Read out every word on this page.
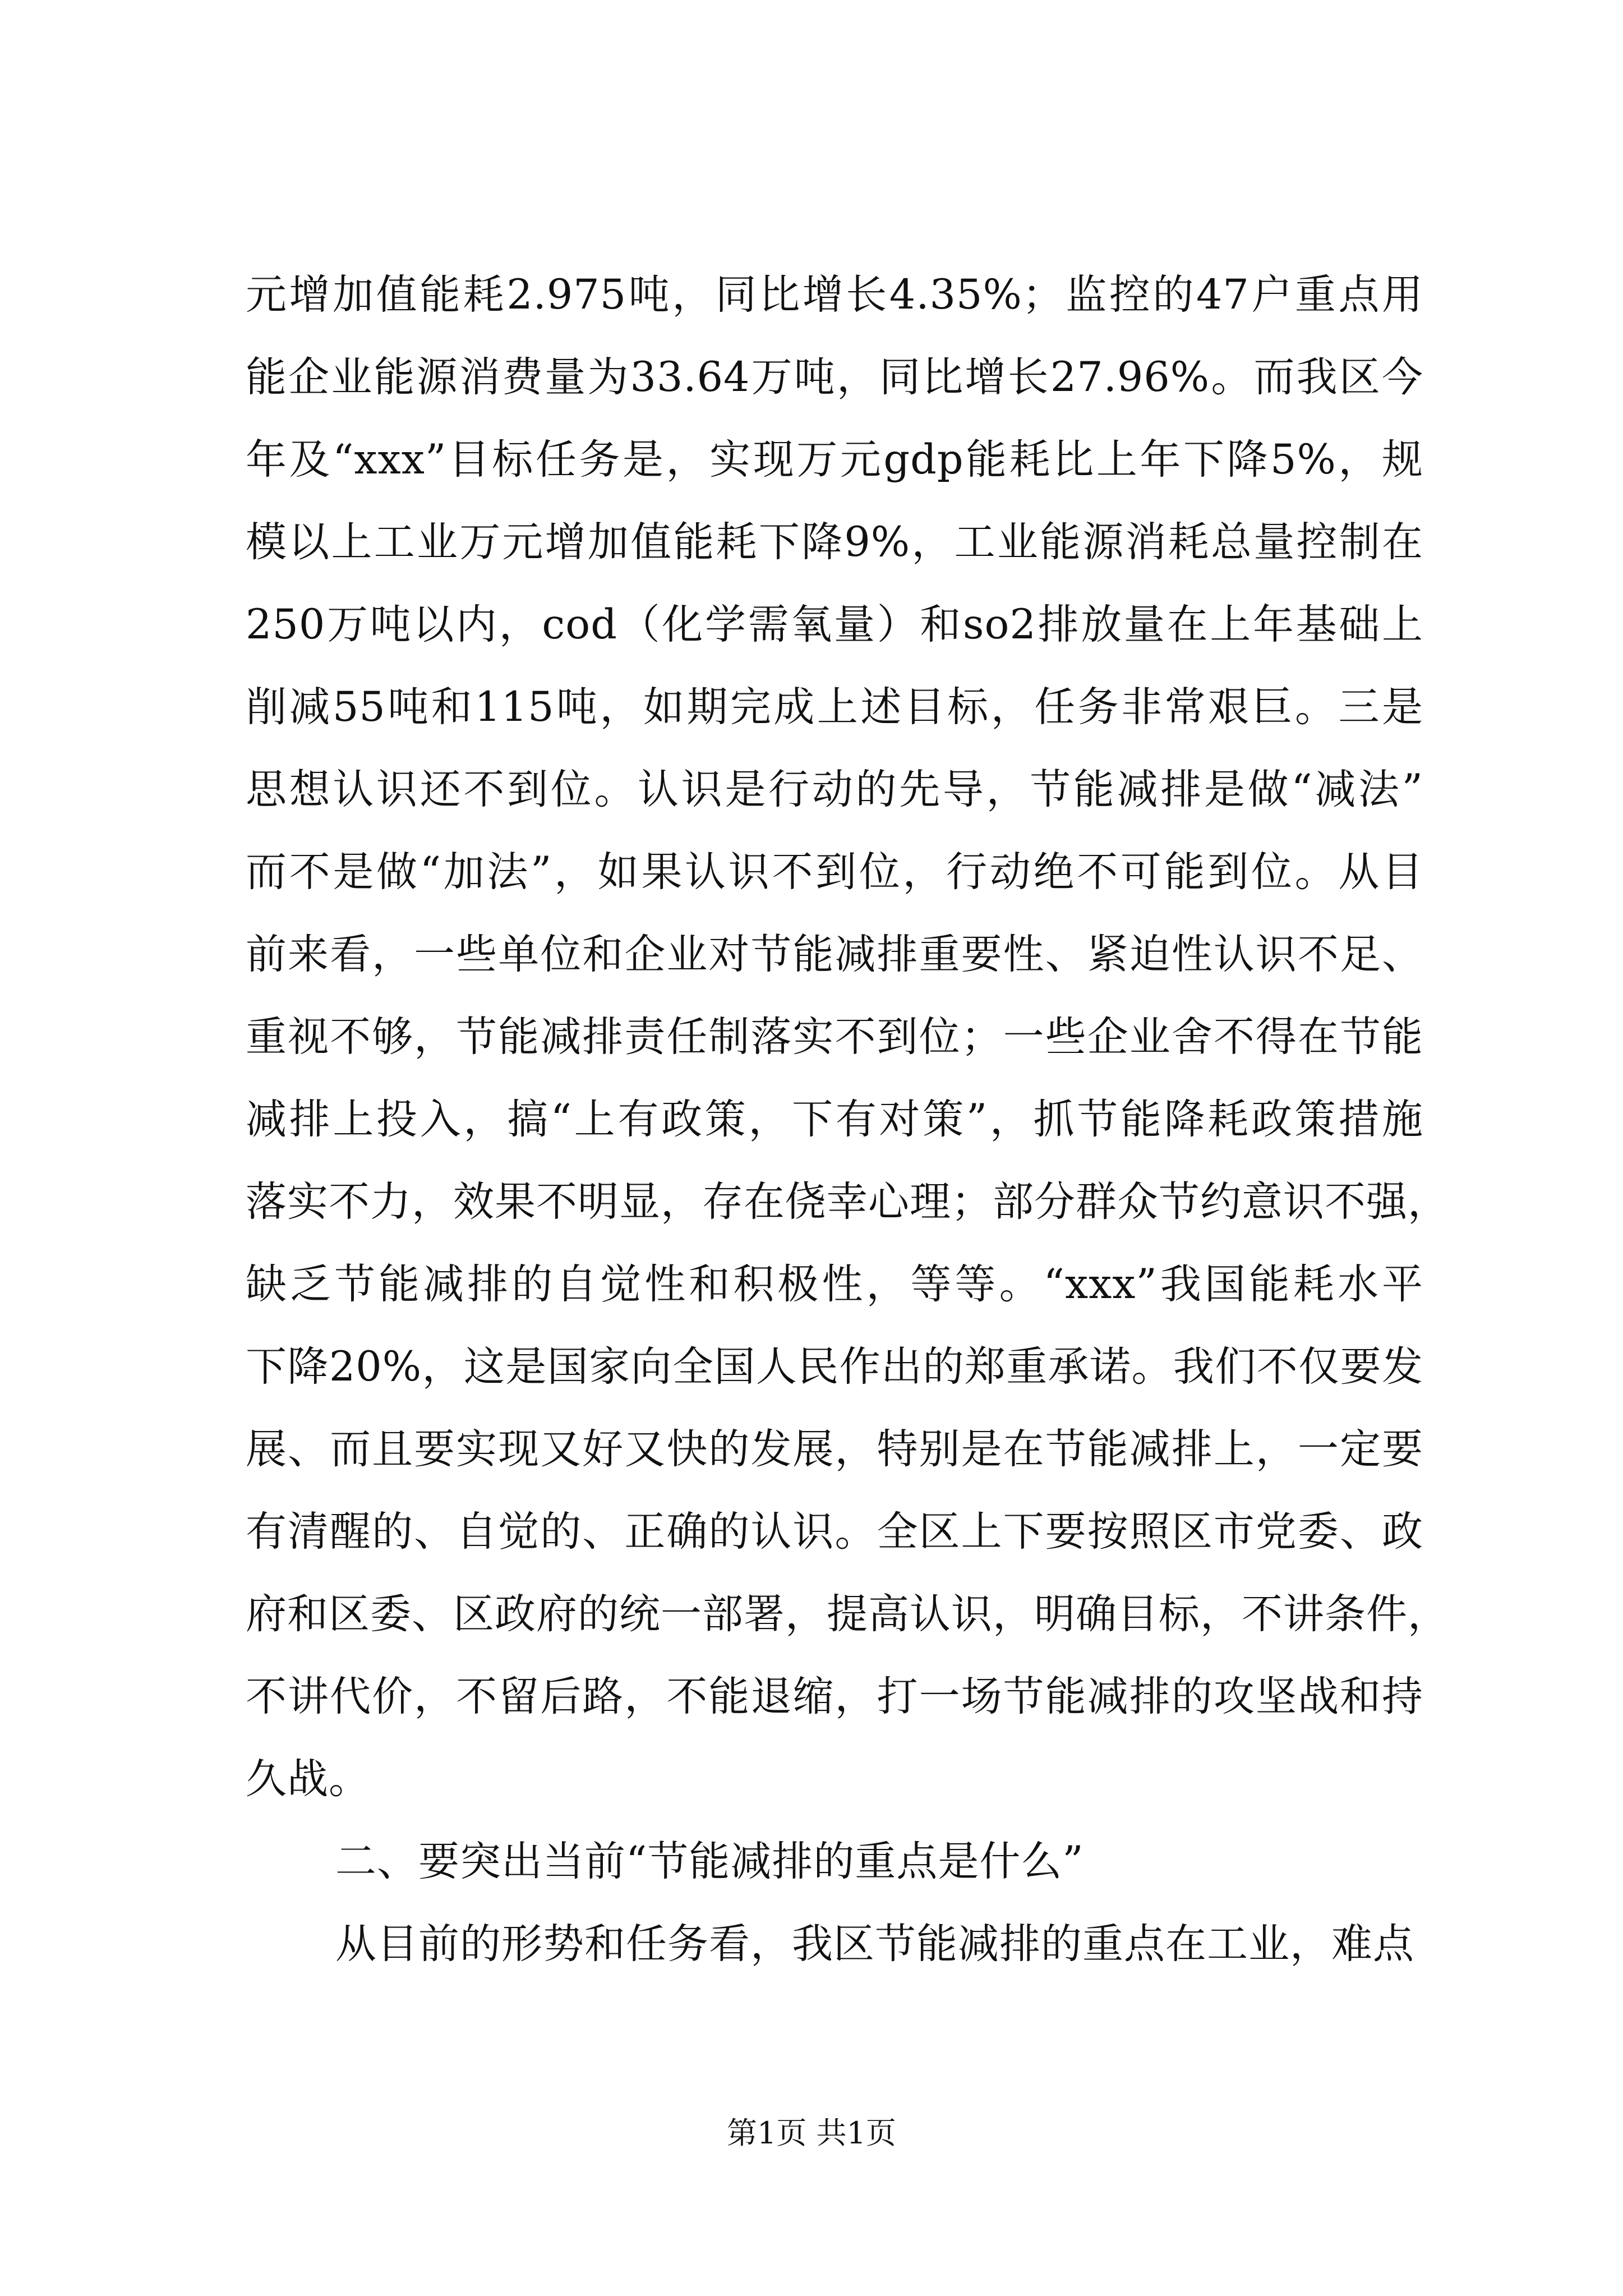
元增加值能耗2.975吨，同比增长4.35%；监控的47户重点用
能企业能源消费量为33.64万吨，同比增长27.96%。而我区今
年及“xxx”目标任务是，实现万元gdp能耗比上年下降5%，规
模以上工业万元增加值能耗下降9%，工业能源消耗总量控制在
250万吨以内，cod（化学需氧量）和so2排放量在上年基础上
削减55吨和115吨，如期完成上述目标，任务非常艰巨。三是
思想认识还不到位。认识是行动的先导，节能减排是做“减法”
而不是做“加法”，如果认识不到位，行动绝不可能到位。从目
前来看，一些单位和企业对节能减排重要性、紧迫性认识不足、
重视不够，节能减排责任制落实不到位；一些企业舍不得在节能
减排上投入，搞“上有政策，下有对策”，抓节能降耗政策措施
落实不力，效果不明显，存在侥幸心理；部分群众节约意识不强，
缺乏节能减排的自觉性和积极性，等等。“xxx”我国能耗水平
下降20%，这是国家向全国人民作出的郑重承诺。我们不仅要发
展、而且要实现又好又快的发展，特别是在节能减排上，一定要
有清醒的、自觉的、正确的认识。全区上下要按照区市党委、政
府和区委、区政府的统一部署，提高认识，明确目标，不讲条件，
不讲代价，不留后路，不能退缩，打一场节能减排的攻坚战和持
久战。
二、要突出当前“节能减排的重点是什么”
从目前的形势和任务看，我区节能减排的重点在工业，难点
第1页 共1页
